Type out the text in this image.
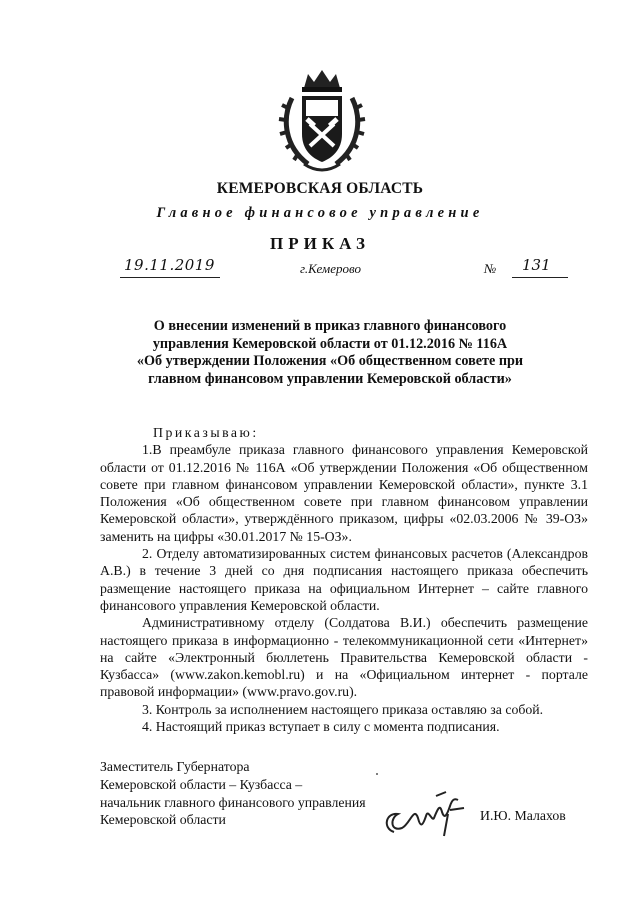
КЕМЕРОВСКАЯ ОБЛАСТЬ
Главное финансовое управление
ПРИКАЗ
19.11.2019	г.Кемерово	№ 131
О внесении изменений в приказ главного финансового
управления Кемеровской области от 01.12.2016 № 116А
«Об утверждении Положения «Об общественном совете при
главном финансовом управлении Кемеровской области»

Приказываю:

1.В преамбуле приказа главного финансового управления Кемеровской области от 01.12.2016 № 116А «Об утверждении Положения «Об общественном совете при главном финансовом управлении Кемеровской области», пункте 3.1 Положения «Об общественном совете при главном финансовом управлении Кемеровской области», утверждённого приказом, цифры «02.03.2006 № 39-ОЗ» заменить на цифры «30.01.2017 № 15-ОЗ».

2. Отделу автоматизированных систем финансовых расчетов (Александров А.В.) в течение 3 дней со дня подписания настоящего приказа обеспечить размещение настоящего приказа на официальном Интернет – сайте главного финансового управления Кемеровской области.

Административному отделу (Солдатова В.И.) обеспечить размещение настоящего приказа в информационно - телекоммуникационной сети «Интернет» на сайте «Электронный бюллетень Правительства Кемеровской области - Кузбасса» (www.zakon.kemobl.ru) и на «Официальном интернет - портале правовой информации» (www.pravo.gov.ru).

3. Контроль за исполнением настоящего приказа оставляю за собой.

4. Настоящий приказ вступает в силу с момента подписания.

Заместитель Губернатора
Кемеровской области – Кузбасса –
начальник главного финансового управления
Кемеровской области	И.Ю. Малахов
